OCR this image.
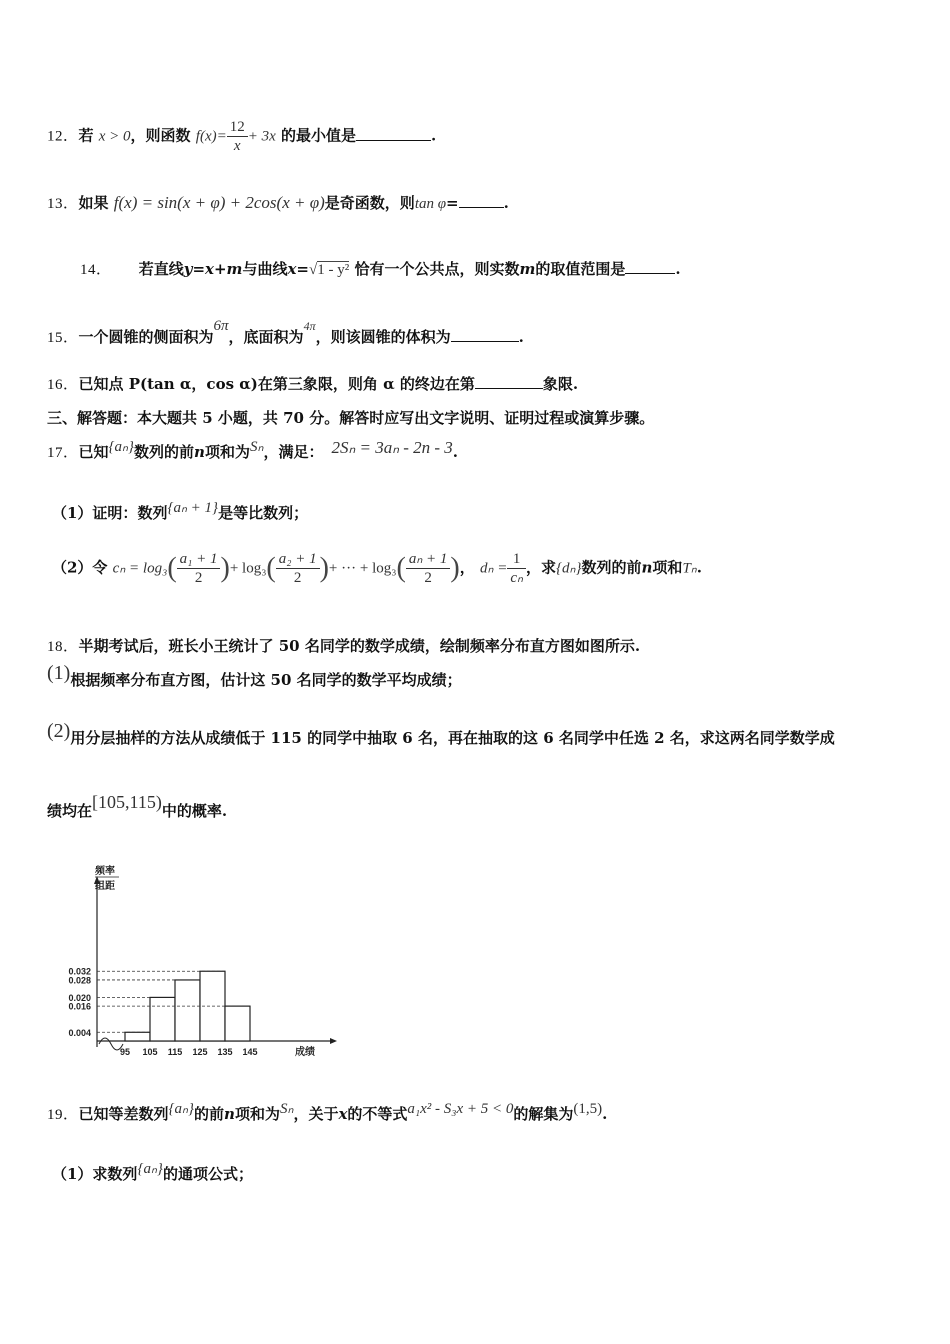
12．若 x > 0，则函数 $f(x)= \frac{12}{x} + 3x$ 的最小值是	.
13．如果 f(x) = sin(x + φ) + 2cos(x + φ)是奇函数，则tan φ=	.
14． 若直线y=x+m与曲线x=√1 - y² 恰有一个公共点，则实数m的取值范围是	.
15．一个圆锥的侧面积为6π，底面积为$^{4\pi}$，则该圆锥的体积为	.
16．已知点 P(tan α，cos α)在第三象限，则角 α 的终边在第	象限.
三、解答题：本大题共 5 小题，共 70 分。解答时应写出文字说明、证明过程或演算步骤。
17．已知{aₙ}数列的前n项和为Sₙ，满足： 2Sₙ = 3aₙ - 2n - 3.
（1）证明：数列{aₙ + 1}是等比数列；
（2）令 $c_n = \log_3( \frac{\text{a₁ + 1}}{2}$ )+ $\log_3( \frac{\text{a₂ + 1}}{2}$ )+ ··· + $\log_3( \frac{\text{aₙ + 1}}{2}$ )， $d_n = \frac{1}{\text{cₙ}}$ ，求{dₙ}数列的前n项和Tₙ.
18．半期考试后，班长小王统计了 50 名同学的数学成绩，绘制频率分布直方图如图所示.
(1)根据频率分布直方图，估计这 50 名同学的数学平均成绩；
(2)用分层抽样的方法从成绩低于 115 的同学中抽取 6 名，再在抽取的这 6 名同学中任选 2 名，求这两名同学数学成
绩均在[105,115)中的概率.
频率
组距
0.032
0.028
0.020
0.016
0.004
95 105 115 125 135 145	成绩
19．已知等差数列{aₙ}的前n项和为Sₙ，关于x的不等式a₁x² - S₃x + 5 < 0的解集为(1,5).
（1）求数列{aₙ}的通项公式；
